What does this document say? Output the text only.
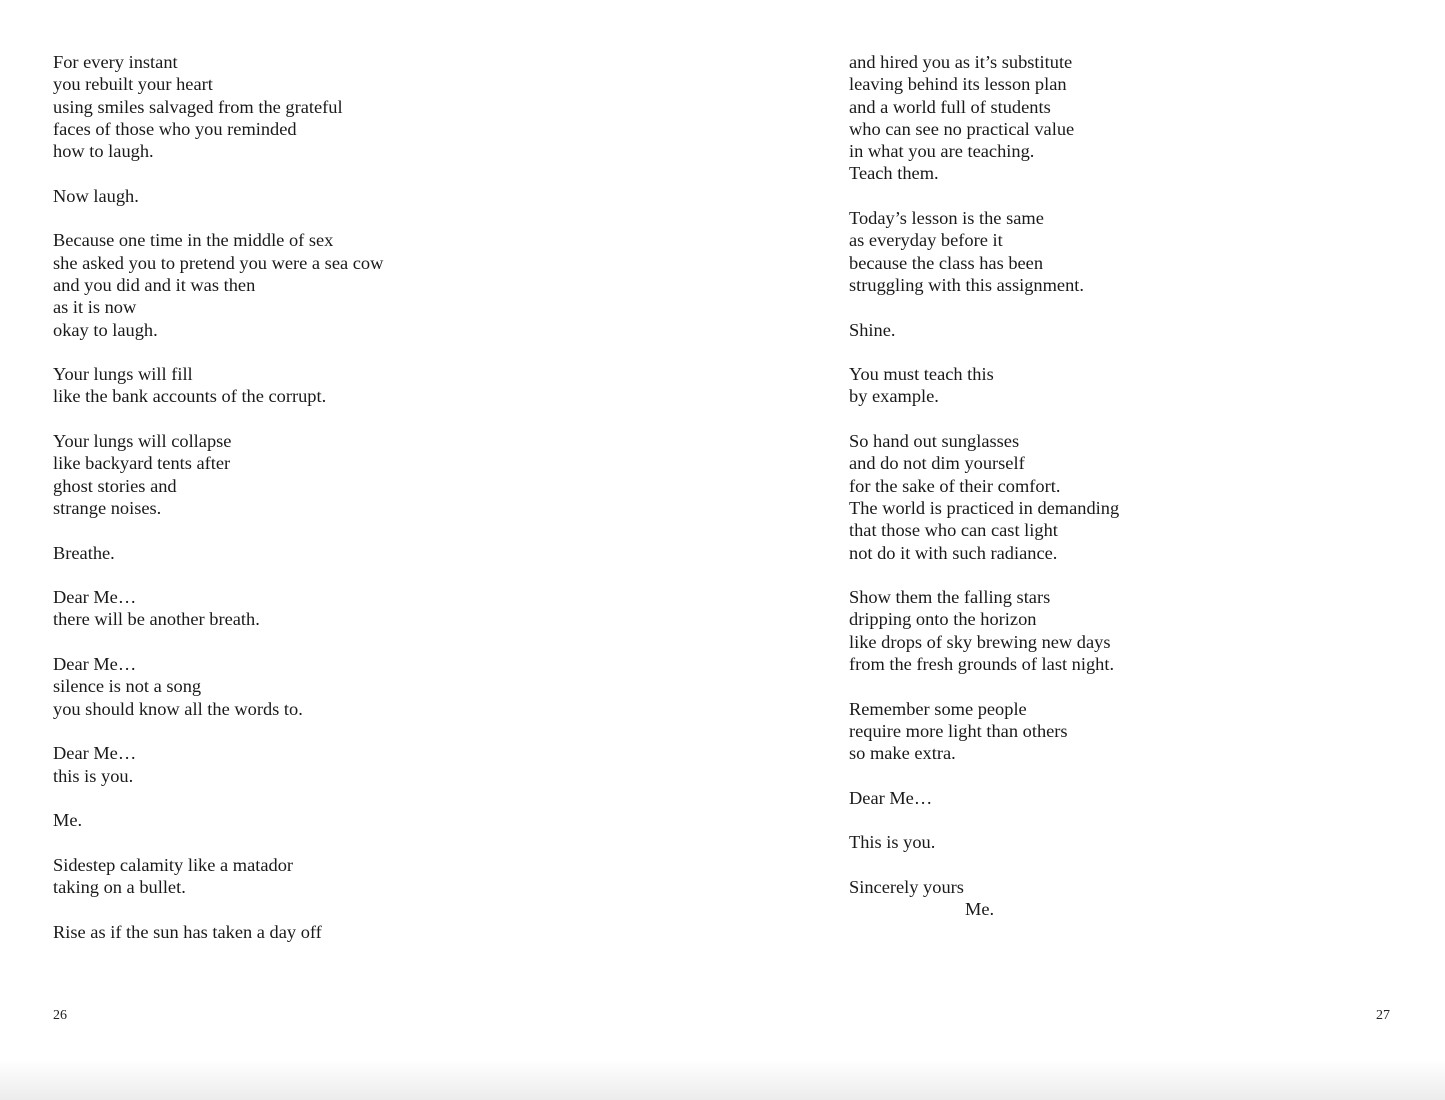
For every instant
you rebuilt your heart
using smiles salvaged from the grateful
faces of those who you reminded
how to laugh.
Now laugh.
Because one time in the middle of sex
she asked you to pretend you were a sea cow
and you did and it was then
as it is now
okay to laugh.
Your lungs will fill
like the bank accounts of the corrupt.
Your lungs will collapse
like backyard tents after
ghost stories and
strange noises.
Breathe.
Dear Me…
there will be another breath.
Dear Me…
silence is not a song
you should know all the words to.
Dear Me…
this is you.
Me.
Sidestep calamity like a matador
taking on a bullet.
Rise as if the sun has taken a day off
and hired you as it’s substitute
leaving behind its lesson plan
and a world full of students
who can see no practical value
in what you are teaching.
Teach them.
Today’s lesson is the same
as everyday before it
because the class has been
struggling with this assignment.
Shine.
You must teach this
by example.
So hand out sunglasses
and do not dim yourself
for the sake of their comfort.
The world is practiced in demanding
that those who can cast light
not do it with such radiance.
Show them the falling stars
dripping onto the horizon
like drops of sky brewing new days
from the fresh grounds of last night.
Remember some people
require more light than others
so make extra.
Dear Me…
This is you.
Sincerely yours
Me.
26	27
